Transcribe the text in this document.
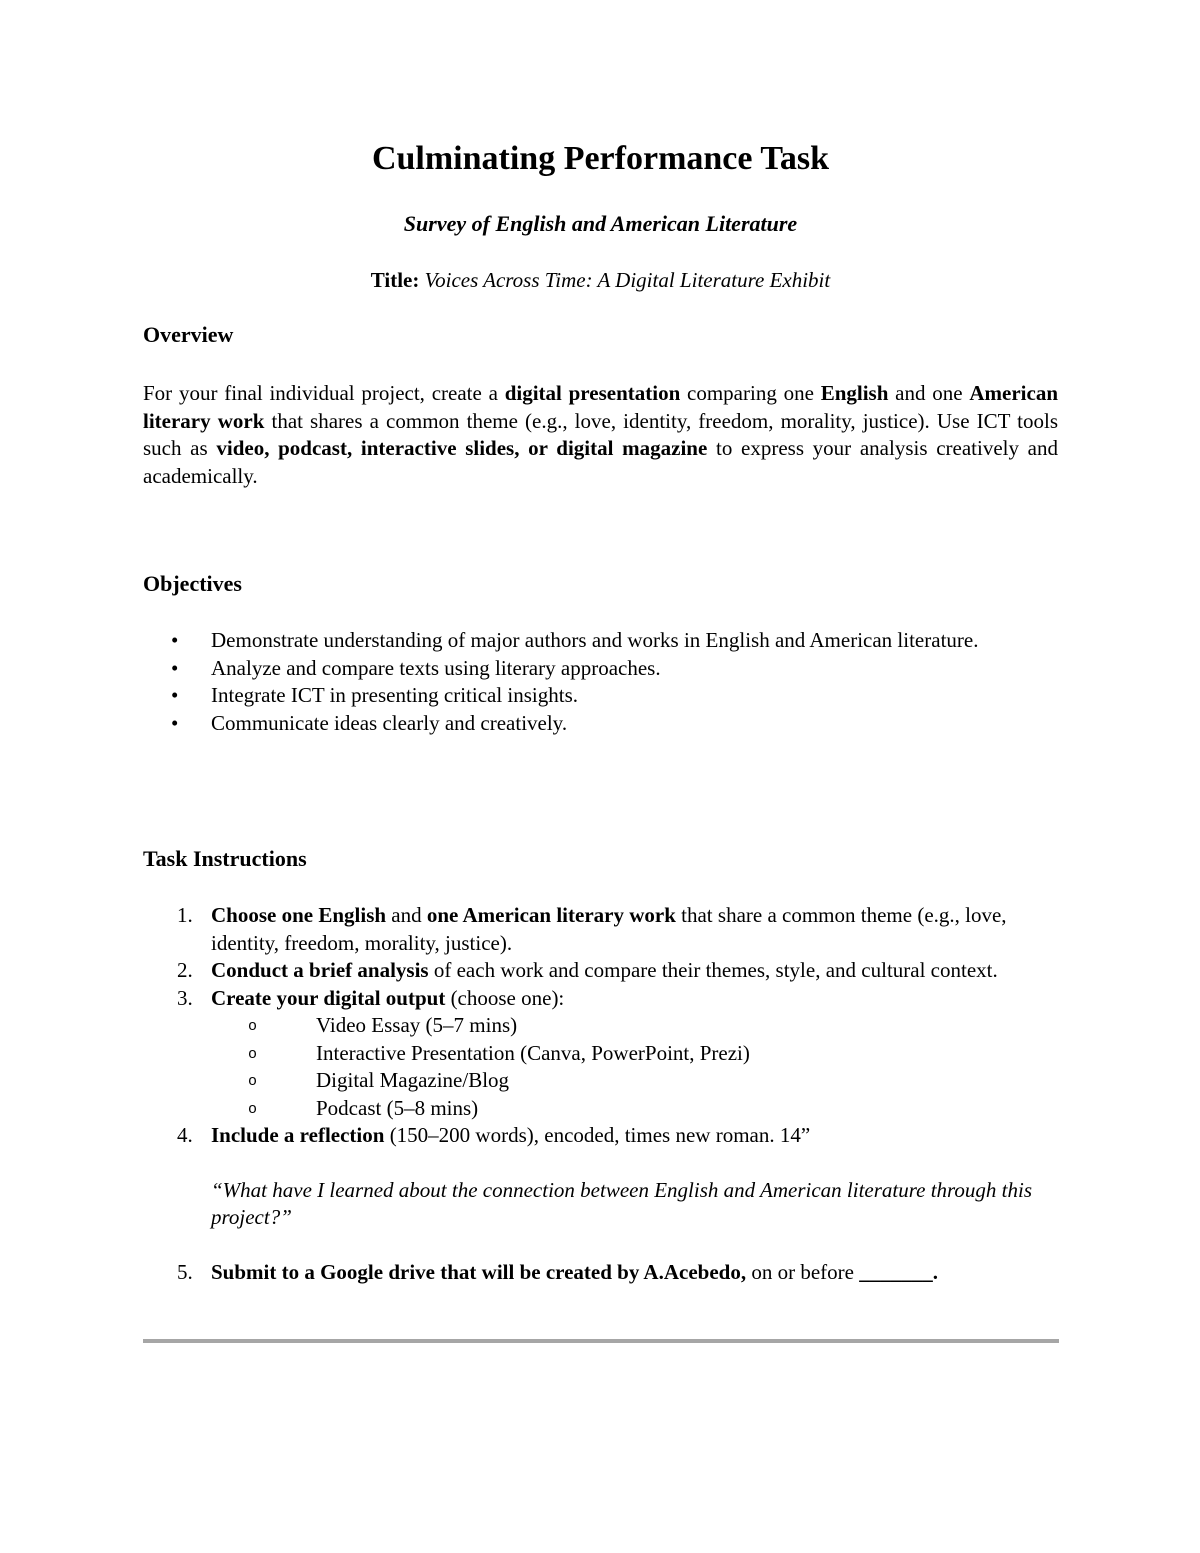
Culminating Performance Task

Survey of English and American Literature

Title: Voices Across Time: A Digital Literature Exhibit

Overview

For your final individual project, create a digital presentation comparing one English and one American literary work that shares a common theme (e.g., love, identity, freedom, morality, justice). Use ICT tools such as video, podcast, interactive slides, or digital magazine to express your analysis creatively and academically.

Objectives
• Demonstrate understanding of major authors and works in English and American literature.
• Analyze and compare texts using literary approaches.
• Integrate ICT in presenting critical insights.
• Communicate ideas clearly and creatively.
Task Instructions
1. Choose one English and one American literary work that share a common theme (e.g., love, identity, freedom, morality, justice).
2. Conduct a brief analysis of each work and compare their themes, style, and cultural context.
3. Create your digital output (choose one):
o	Video Essay (5–7 mins)
o	Interactive Presentation (Canva, PowerPoint, Prezi)
o	Digital Magazine/Blog
o	Podcast (5–8 mins)
4. Include a reflection (150–200 words), encoded, times new roman. 14”
“What have I learned about the connection between English and American literature through this project?”
5. Submit to a Google drive that will be created by A.Acebedo, on or before _______.
